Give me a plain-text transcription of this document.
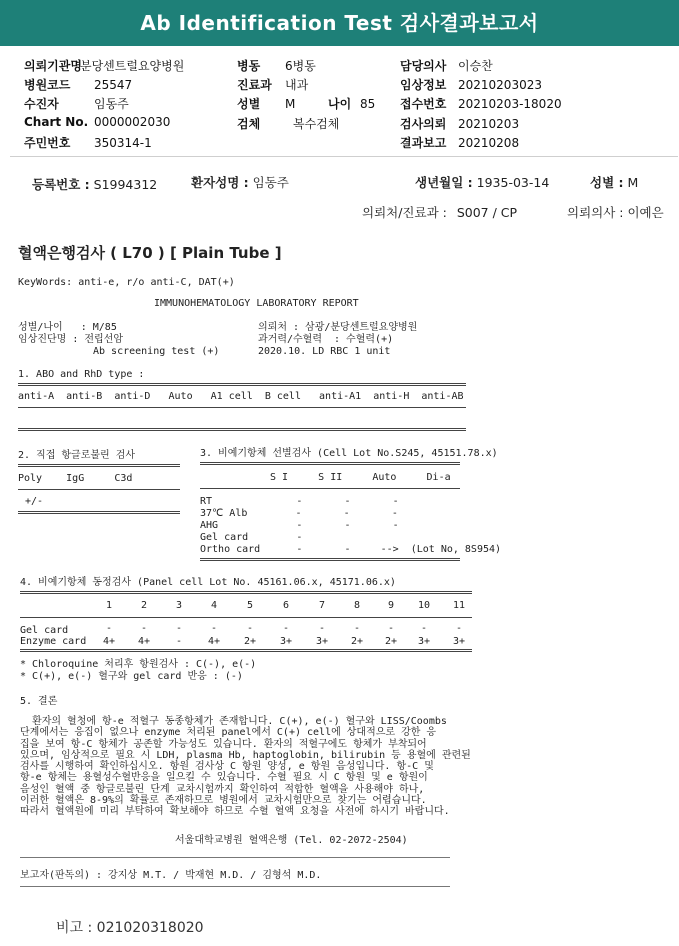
Ab Identification Test 검사결과보고서
의뢰기관명분당센트럴요양병원
병원코드 25547
수진자	임동주
Chart No. 0000002030
주민번호 350314-1
병동 6병동
진료과 내과
성별 M	나이 85
검체	복수검체
담당의사 이승찬
임상정보 20210203023
접수번호 20210203-18020
검사의뢰 20210203
결과보고 20210208
등록번호 : S1994312	환자성명 : 임동주	생년월일 : 1935-03-14	성별 : M
의뢰처/진료과 : S007 / CP	의뢰의사 : 이예은
혈액은행검사 ( L70 ) [ Plain Tube ]
KeyWords: anti-e, r/o anti-C, DAT(+)
IMMUNOHEMATOLOGY LABORATORY REPORT
성별/나이   : M/85
임상진단명 : 전립선암
Ab screening test (+)
의뢰처 : 삼광/분당센트럴요양병원
과거력/수혈력  : 수혈력(+)
2020.10. LD RBC 1 unit
1. ABO and RhD type :
anti-A  anti-B  anti-D   Auto   A1 cell  B cell   anti-A1  anti-H  anti-AB
2. 직접 항글로불린 검사
Poly    IgG     C3d
+/-
3. 비예기항체 선별검사 (Cell Lot No.S245, 45151.78.x)
S I     S II     Auto     Di-a
RT              -       -       -
37℃ Alb        -       -       -
AHG             -       -       -
Gel card        -
Ortho card      -       -     -->  (Lot No, 8S954)
4. 비예기항체 동정검사 (Panel cell Lot No. 45161.06.x, 45171.06.x)
1	2	3	4	5	6	7	8	9	10	11
Gel card	-	-	-	-	-	-	-	-	-	-	-
Enzyme card	4+	4+	-	4+	2+	3+	3+	2+	2+	3+	3+
* Chloroquine 처리후 항원검사 : C(-), e(-)
* C(+), e(-) 혈구와 gel card 반응 : (-)
5. 결론
환자의 혈청에 항-e 적혈구 동종항체가 존재합니다. C(+), e(-) 혈구와 LISS/Coombs
단계에서는 응집이 없으나 enzyme 처리된 panel에서 C(+) cell에 상대적으로 강한 응
집을 보여 항-C 항체가 공존할 가능성도 있습니다. 환자의 적혈구에도 항체가 부착되어
있으며, 임상적으로 필요 시 LDH, plasma Hb, haptoglobin, bilirubin 등 용혈에 관련된
검사를 시행하여 확인하십시오. 항원 검사상 C 항원 양성, e 항원 음성입니다. 항-C 및
항-e 항체는 용혈성수혈반응을 일으킬 수 있습니다. 수혈 필요 시 C 항원 및 e 항원이
음성인 혈액 중 항글로불린 단계 교차시험까지 확인하여 적합한 혈액을 사용해야 하나,
이러한 혈액은 8-9%의 확률로 존재하므로 병원에서 교차시험만으로 찾기는 어렵습니다.
따라서 혈액원에 미리 부탁하여 확보해야 하므로 수혈 혈액 요청을 사전에 하시기 바랍니다.
서울대학교병원 혈액은행 (Tel. 02-2072-2504)
보고자(판독의) : 강지상 M.T. / 박재현 M.D. / 김형석 M.D.
비고 : 021020318020
